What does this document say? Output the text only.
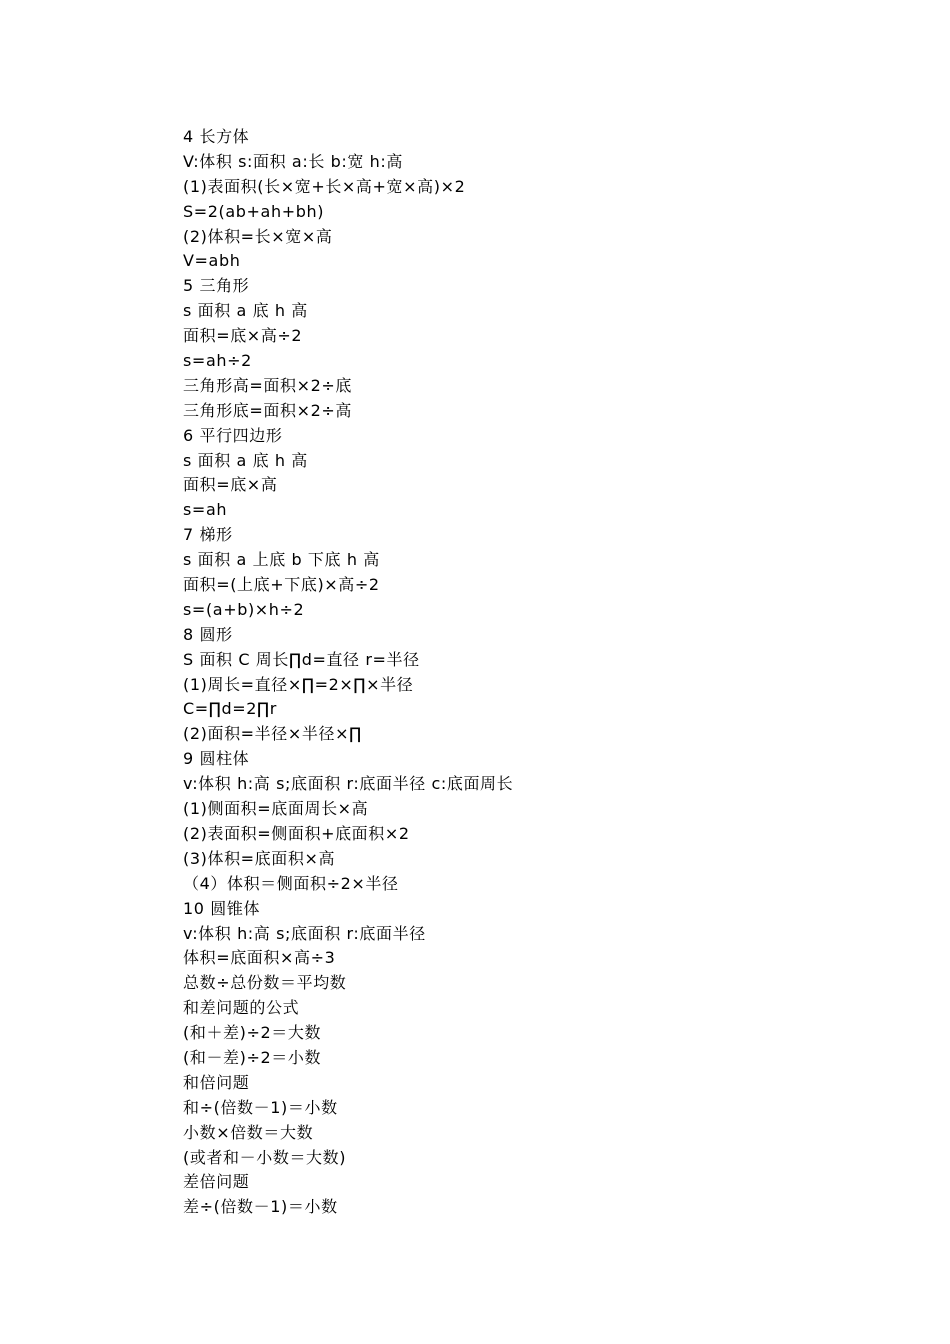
4 长方体
V:体积 s:面积 a:长 b:宽 h:高
(1)表面积(长×宽+长×高+宽×高)×2
S=2(ab+ah+bh)
(2)体积=长×宽×高
V=abh
5 三角形
s 面积 a 底 h 高
面积=底×高÷2
s=ah÷2
三角形高=面积×2÷底
三角形底=面积×2÷高
6 平行四边形
s 面积 a 底 h 高
面积=底×高
s=ah
7 梯形
s 面积 a 上底 b 下底 h 高
面积=(上底+下底)×高÷2
s=(a+b)×h÷2
8 圆形
S 面积 C 周长∏d=直径 r=半径
(1)周长=直径×∏=2×∏×半径
C=∏d=2∏r
(2)面积=半径×半径×∏
9 圆柱体
v:体积 h:高 s;底面积 r:底面半径 c:底面周长
(1)侧面积=底面周长×高
(2)表面积=侧面积+底面积×2
(3)体积=底面积×高
（4）体积＝侧面积÷2×半径
10 圆锥体
v:体积 h:高 s;底面积 r:底面半径
体积=底面积×高÷3
总数÷总份数＝平均数
和差问题的公式
(和＋差)÷2＝大数
(和－差)÷2＝小数
和倍问题
和÷(倍数－1)＝小数
小数×倍数＝大数
(或者和－小数＝大数)
差倍问题
差÷(倍数－1)＝小数
